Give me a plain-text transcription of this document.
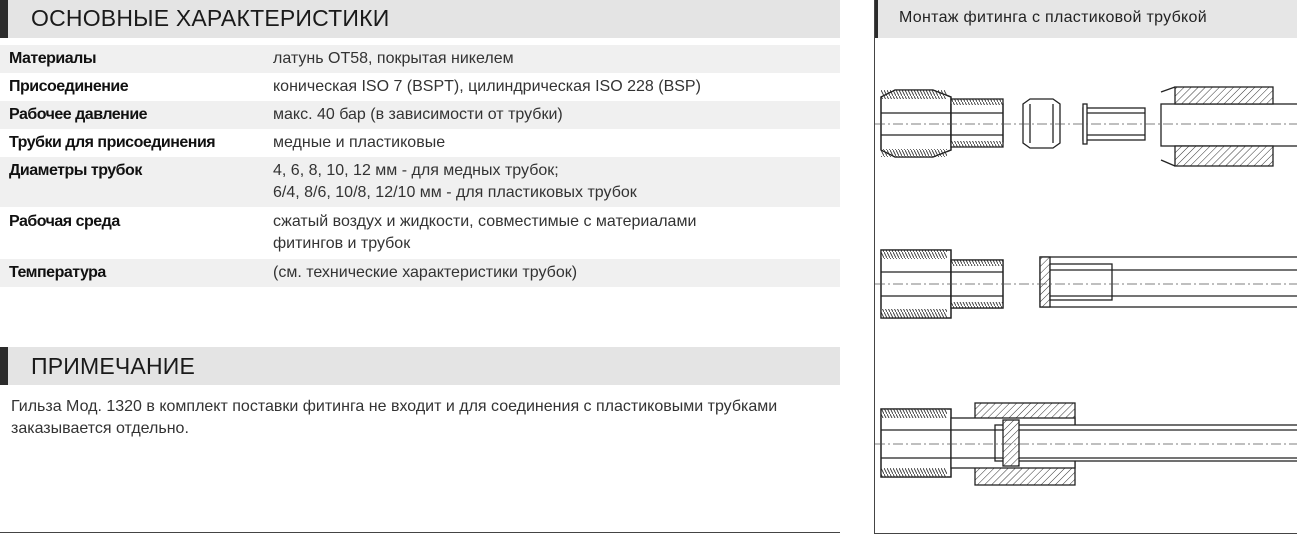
ОСНОВНЫЕ ХАРАКТЕРИСТИКИ
Материалы	латунь ОТ58, покрытая никелем
Присоединение	коническая ISO 7 (BSPT), цилиндрическая ISO 228 (BSP)
Рабочее давление	макс. 40 бар (в зависимости от трубки)
Трубки для присоединения	медные и пластиковые
Диаметры трубок	4, 6, 8, 10, 12 мм - для медных трубок;
6/4, 8/6, 10/8, 12/10 мм - для пластиковых трубок
Рабочая среда	сжатый воздух и жидкости, совместимые с материалами
фитингов и трубок
Температура	(см. технические характеристики трубок)
ПРИМЕЧАНИЕ
Гильза Мод. 1320 в комплект поставки фитинга не входит и для соединения с пластиковыми трубками заказывается отдельно.
Монтаж фитинга с пластиковой трубкой
